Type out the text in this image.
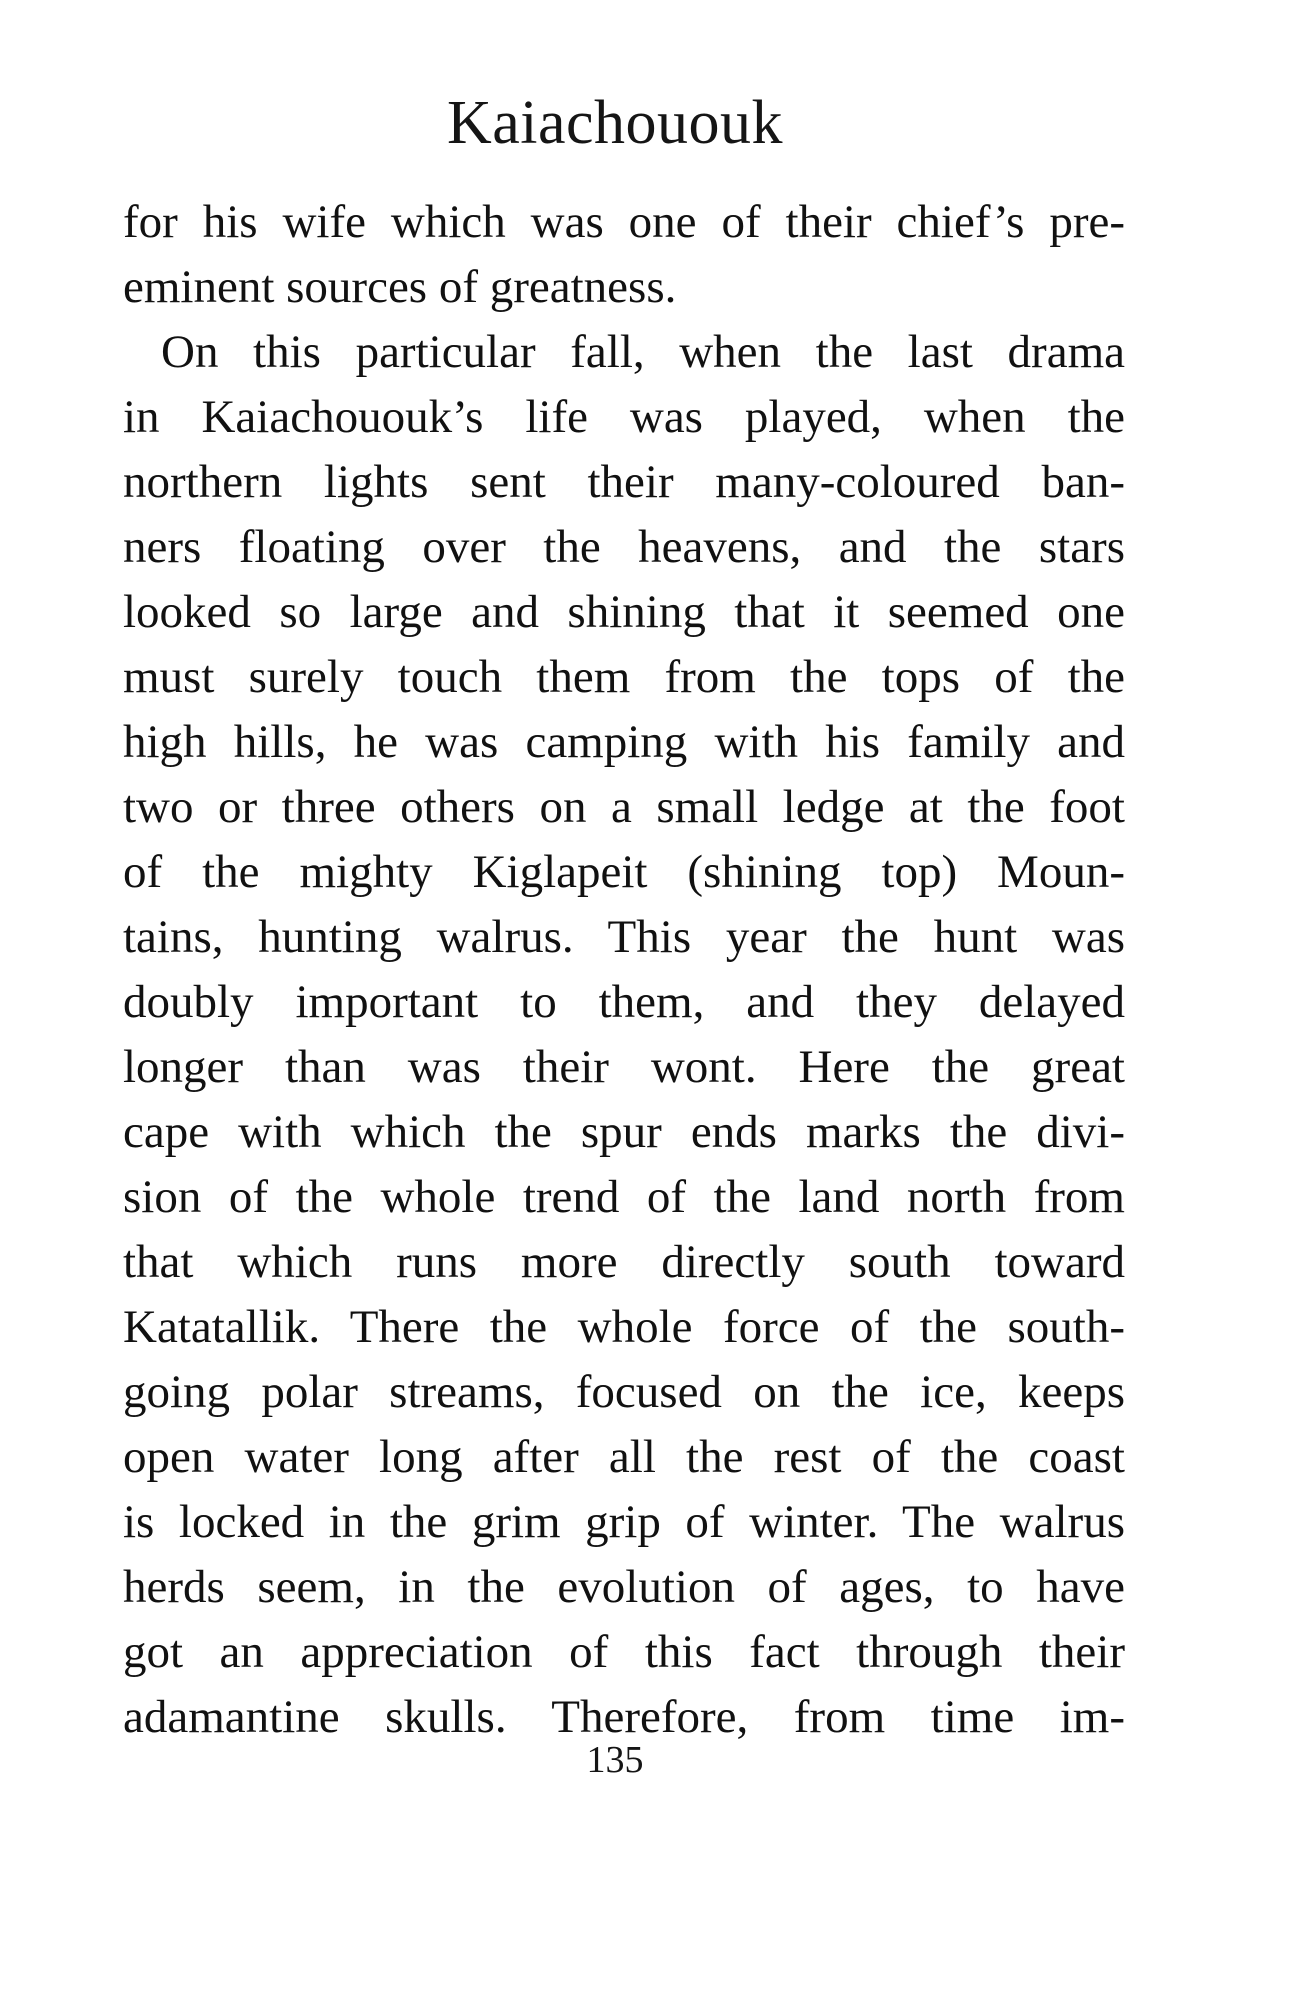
Kaiachououk
for his wife which was one of their chief’s pre-
eminent sources of greatness.
On this particular fall, when the last drama
in Kaiachououk’s life was played, when the
northern lights sent their many-coloured ban-
ners floating over the heavens, and the stars
looked so large and shining that it seemed one
must surely touch them from the tops of the
high hills, he was camping with his family and
two or three others on a small ledge at the foot
of the mighty Kiglapeit (shining top) Moun-
tains, hunting walrus. This year the hunt was
doubly important to them, and they delayed
longer than was their wont. Here the great
cape with which the spur ends marks the divi-
sion of the whole trend of the land north from
that which runs more directly south toward
Katatallik. There the whole force of the south-
going polar streams, focused on the ice, keeps
open water long after all the rest of the coast
is locked in the grim grip of winter. The walrus
herds seem, in the evolution of ages, to have
got an appreciation of this fact through their
adamantine skulls. Therefore, from time im-
135
